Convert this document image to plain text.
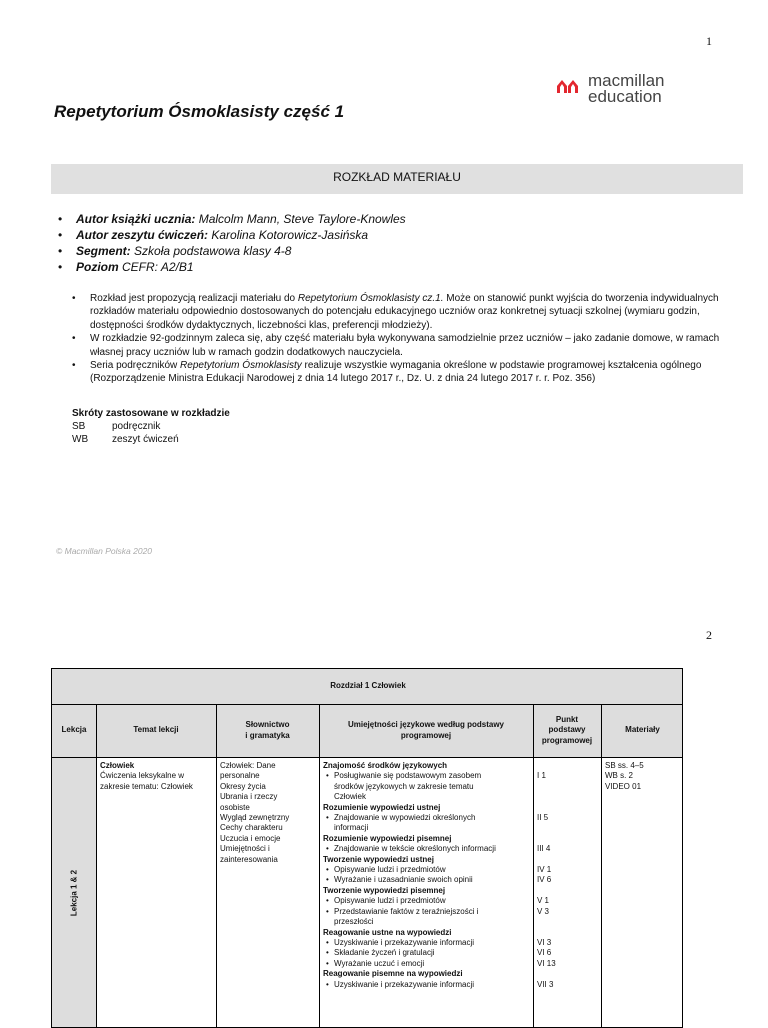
1
macmillan
education
Repetytorium Ósmoklasisty część 1
ROZKŁAD MATERIAŁU
• Autor książki ucznia: Malcolm Mann, Steve Taylore-Knowles
• Autor zeszytu ćwiczeń: Karolina Kotorowicz-Jasińska
• Segment: Szkoła podstawowa klasy 4-8
• Poziom CEFR: A2/B1
• Rozkład jest propozycją realizacji materiału do Repetytorium Ósmoklasisty cz.1. Może on stanowić punkt wyjścia do tworzenia indywidualnych rozkładów materiału odpowiednio dostosowanych do potencjału edukacyjnego uczniów oraz konkretnej sytuacji szkolnej (wymiaru godzin, dostępności środków dydaktycznych, liczebności klas, preferencji młodzieży).
• W rozkładzie 92-godzinnym zaleca się, aby część materiału była wykonywana samodzielnie przez uczniów – jako zadanie domowe, w ramach własnej pracy uczniów lub w ramach godzin dodatkowych nauczyciela.
• Seria podręczników Repetytorium Ósmoklasisty realizuje wszystkie wymagania określone w podstawie programowej kształcenia ogólnego (Rozporządzenie Ministra Edukacji Narodowej z dnia 14 lutego 2017 r., Dz. U. z dnia 24 lutego 2017 r. r. Poz. 356)
Skróty zastosowane w rozkładzie
SB	podręcznik
WB zeszyt ćwiczeń
© Macmillan Polska 2020
2
Rozdział 1 Człowiek
Lekcja	Temat lekcji
Słownictwo
i gramatyka
Umiejętności językowe według podstawy
programowej
Punkt
podstawy
programowej
Materiały
Lekcja 1 & 2
Człowiek
Ćwiczenia leksykalne w
zakresie tematu: Człowiek
Człowiek: Dane
personalne
Okresy życia
Ubrania i rzeczy
osobiste
Wygląd zewnętrzny
Cechy charakteru
Uczucia i emocje
Umiejętności i
zainteresowania
Znajomość środków językowych
• Posługiwanie się podstawowym zasobem
środków językowych w zakresie tematu
Człowiek
Rozumienie wypowiedzi ustnej
• Znajdowanie w wypowiedzi określonych
informacji
Rozumienie wypowiedzi pisemnej
• Znajdowanie w tekście określonych informacji
Tworzenie wypowiedzi ustnej
• Opisywanie ludzi i przedmiotów
• Wyrażanie i uzasadnianie swoich opinii
Tworzenie wypowiedzi pisemnej
• Opisywanie ludzi i przedmiotów
• Przedstawianie faktów z teraźniejszości i
przeszłości
Reagowanie ustne na wypowiedzi
• Uzyskiwanie i przekazywanie informacji
• Składanie życzeń i gratulacji
• Wyrażanie uczuć i emocji
Reagowanie pisemne na wypowiedzi
• Uzyskiwanie i przekazywanie informacji

I 1

II 5

III 4

IV 1
IV 6

V 1
V 3

VI 3
VI 6
VI 13

VII 3
SB ss. 4–5
WB s. 2
VIDEO 01
